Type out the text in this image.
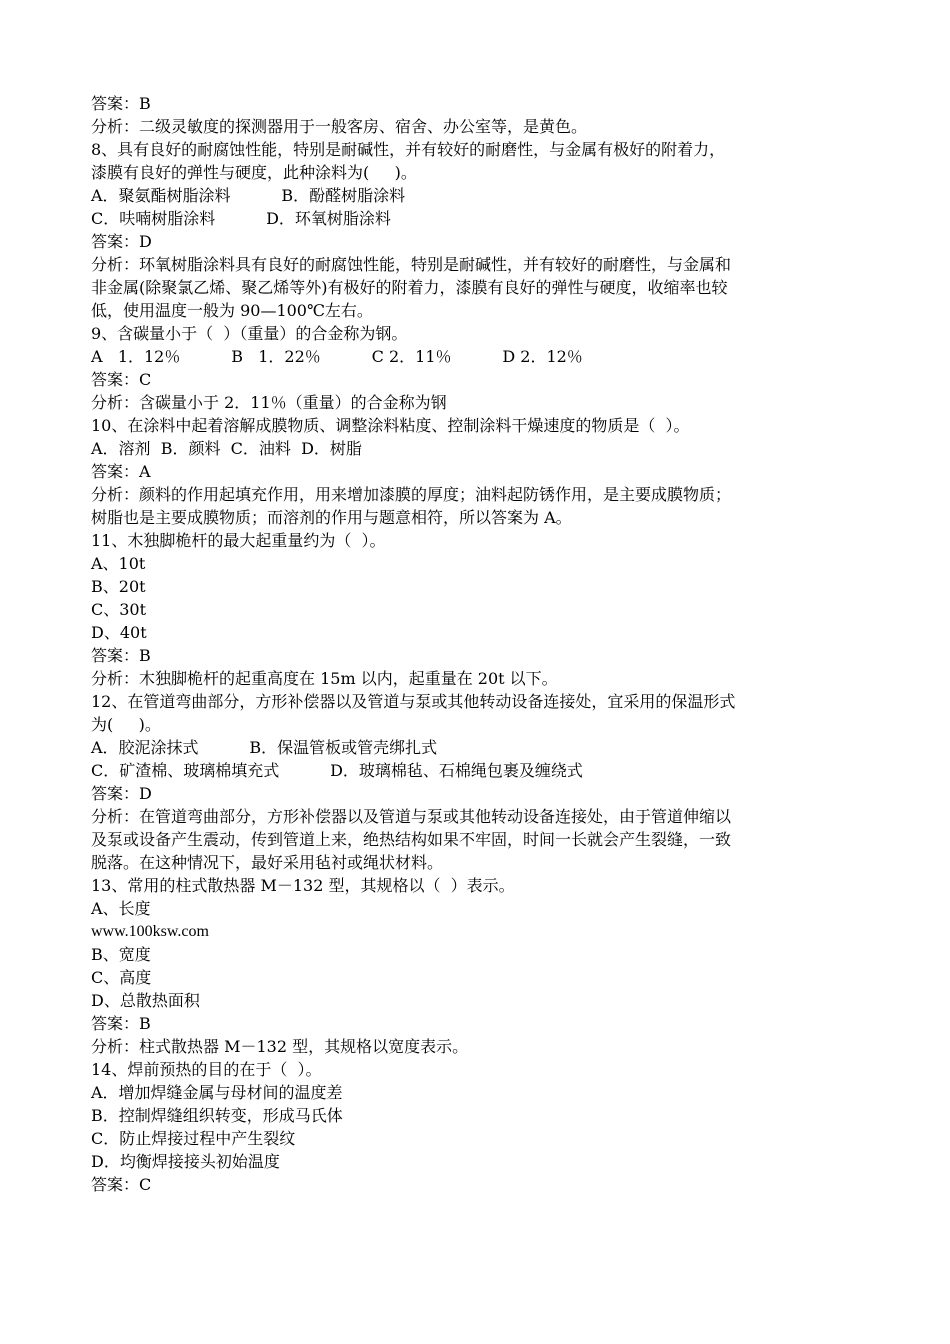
答案：B
分析：二级灵敏度的探测器用于一般客房、宿舍、办公室等，是黄色。
8、具有良好的耐腐蚀性能，特别是耐碱性，并有较好的耐磨性，与金属有极好的附着力，
漆膜有良好的弹性与硬度，此种涂料为(     )。
A．聚氨酯树脂涂料          B．酚醛树脂涂料
C．呋喃树脂涂料          D．环氧树脂涂料
答案：D
分析：环氧树脂涂料具有良好的耐腐蚀性能，特别是耐碱性，并有较好的耐磨性，与金属和
非金属(除聚氯乙烯、聚乙烯等外)有极好的附着力，漆膜有良好的弹性与硬度，收缩率也较
低，使用温度一般为 90—100℃左右。
9、含碳量小于（  ）（重量）的合金称为钢。
A   1．12％          B   1．22％          C 2．11％          D 2．12％
答案：C
分析：含碳量小于 2．11％（重量）的合金称为钢
10、在涂料中起着溶解成膜物质、调整涂料粘度、控制涂料干燥速度的物质是（  ）。
A．溶剂  B．颜料  C．油料  D．树脂
答案：A
分析：颜料的作用起填充作用，用来增加漆膜的厚度；油料起防锈作用，是主要成膜物质；
树脂也是主要成膜物质；而溶剂的作用与题意相符，所以答案为 A。
11、木独脚桅杆的最大起重量约为（  ）。
A、10t
B、20t
C、30t
D、40t
答案：B
分析：木独脚桅杆的起重高度在 15m 以内，起重量在 20t 以下。
12、在管道弯曲部分，方形补偿器以及管道与泵或其他转动设备连接处，宜采用的保温形式
为(     )。
A．胶泥涂抹式          B．保温管板或管壳绑扎式
C．矿渣棉、玻璃棉填充式          D．玻璃棉毡、石棉绳包裹及缠绕式
答案：D
分析：在管道弯曲部分，方形补偿器以及管道与泵或其他转动设备连接处，由于管道伸缩以
及泵或设备产生震动，传到管道上来，绝热结构如果不牢固，时间一长就会产生裂缝，一致
脱落。在这种情况下，最好采用毡衬或绳状材料。
13、常用的柱式散热器 M－132 型，其规格以（  ）表示。
A、长度
www.100ksw.com
B、宽度
C、高度
D、总散热面积
答案：B
分析：柱式散热器 M－132 型，其规格以宽度表示。
14、焊前预热的目的在于（  ）。
A．增加焊缝金属与母材间的温度差
B．控制焊缝组织转变，形成马氏体
C．防止焊接过程中产生裂纹
D．均衡焊接接头初始温度
答案：C
